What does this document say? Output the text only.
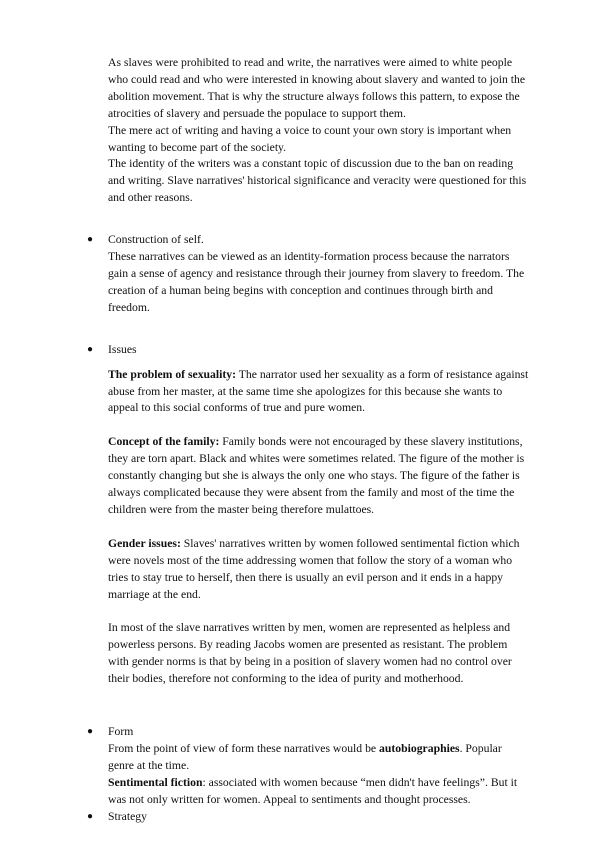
As slaves were prohibited to read and write, the narratives were aimed to white people who could read and who were interested in knowing about slavery and wanted to join the abolition movement. That is why the structure always follows this pattern, to expose the atrocities of slavery and persuade the populace to support them.

The mere act of writing and having a voice to count your own story is important when wanting to become part of the society.

The identity of the writers was a constant topic of discussion due to the ban on reading and writing. Slave narratives' historical significance and veracity were questioned for this and other reasons.

● Construction of self.

These narratives can be viewed as an identity-formation process because the narrators gain a sense of agency and resistance through their journey from slavery to freedom. The creation of a human being begins with conception and continues through birth and freedom.

● Issues

The problem of sexuality: The narrator used her sexuality as a form of resistance against abuse from her master, at the same time she apologizes for this because she wants to appeal to this social conforms of true and pure women.

Concept of the family: Family bonds were not encouraged by these slavery institutions, they are torn apart. Black and whites were sometimes related. The figure of the mother is constantly changing but she is always the only one who stays. The figure of the father is always complicated because they were absent from the family and most of the time the children were from the master being therefore mulattoes.

Gender issues: Slaves' narratives written by women followed sentimental fiction which were novels most of the time addressing women that follow the story of a woman who tries to stay true to herself, then there is usually an evil person and it ends in a happy marriage at the end.

In most of the slave narratives written by men, women are represented as helpless and powerless persons. By reading Jacobs women are presented as resistant. The problem with gender norms is that by being in a position of slavery women had no control over their bodies, therefore not conforming to the idea of purity and motherhood.

● Form

From the point of view of form these narratives would be autobiographies. Popular genre at the time.

Sentimental fiction: associated with women because “men didn't have feelings”. But it was not only written for women. Appeal to sentiments and thought processes.

● Strategy
